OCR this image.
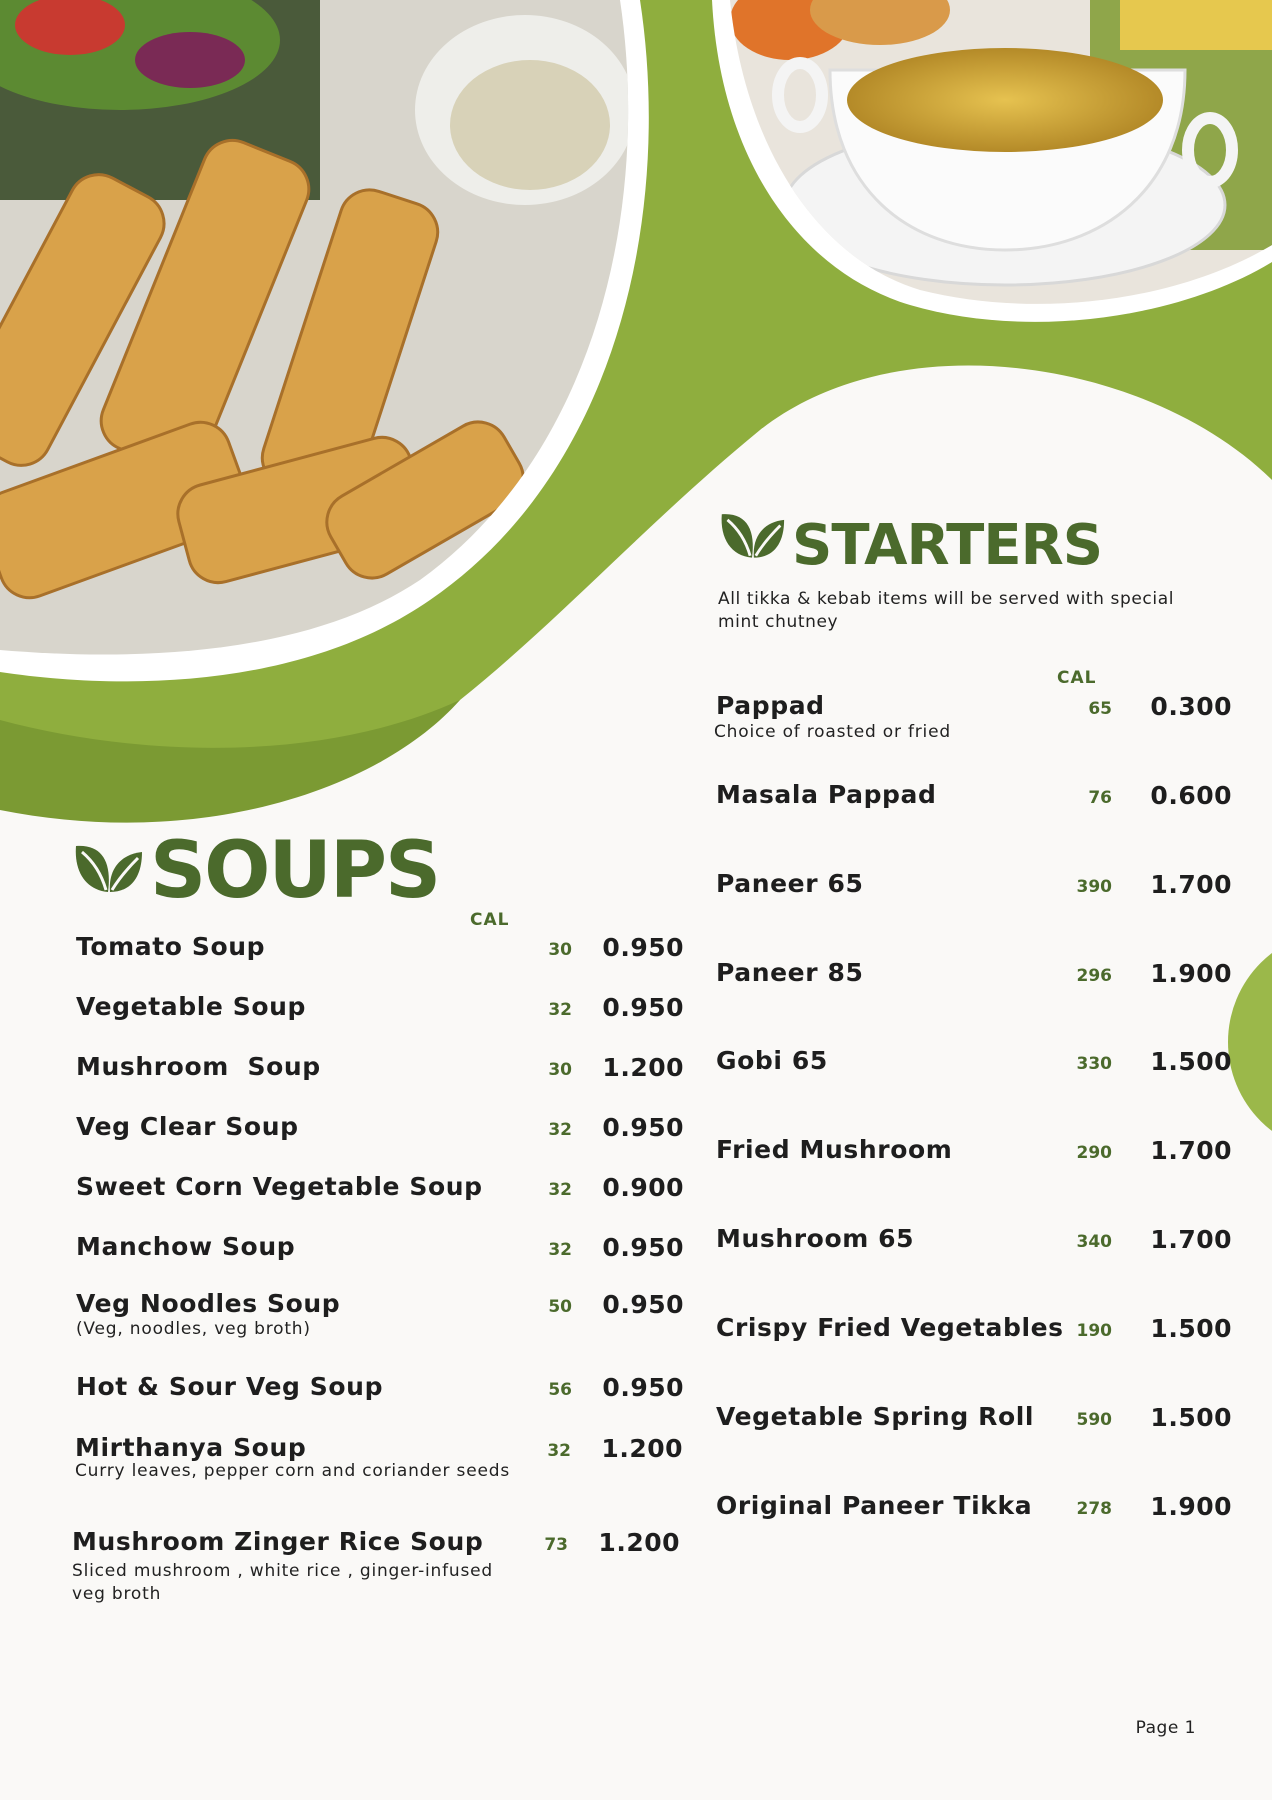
SOUPS
CAL
Tomato Soup	30	0.950
Vegetable Soup	32	0.950
Mushroom  Soup	30	1.200
Veg Clear Soup	32	0.950
Sweet Corn Vegetable Soup	32	0.900
Manchow Soup	32	0.950
Veg Noodles Soup
(Veg, noodles, veg broth)
50	0.950
Hot & Sour Veg Soup	56	0.950
Mirthanya Soup
Curry leaves, pepper corn and coriander seeds
32	1.200
Mushroom Zinger Rice Soup
Sliced mushroom , white rice , ginger-infused
veg broth
73	1.200
STARTERS
All tikka & kebab items will be served with special mint chutney
CAL
Pappad
Choice of roasted or fried
65	0.300
Masala Pappad	76	0.600
Paneer 65	390	1.700
Paneer 85	296	1.900
Gobi 65	330	1.500
Fried Mushroom	290	1.700
Mushroom 65	340	1.700
Crispy Fried Vegetables 190	1.500
Vegetable Spring Roll	590	1.500
Original Paneer Tikka	278	1.900
Page 1
